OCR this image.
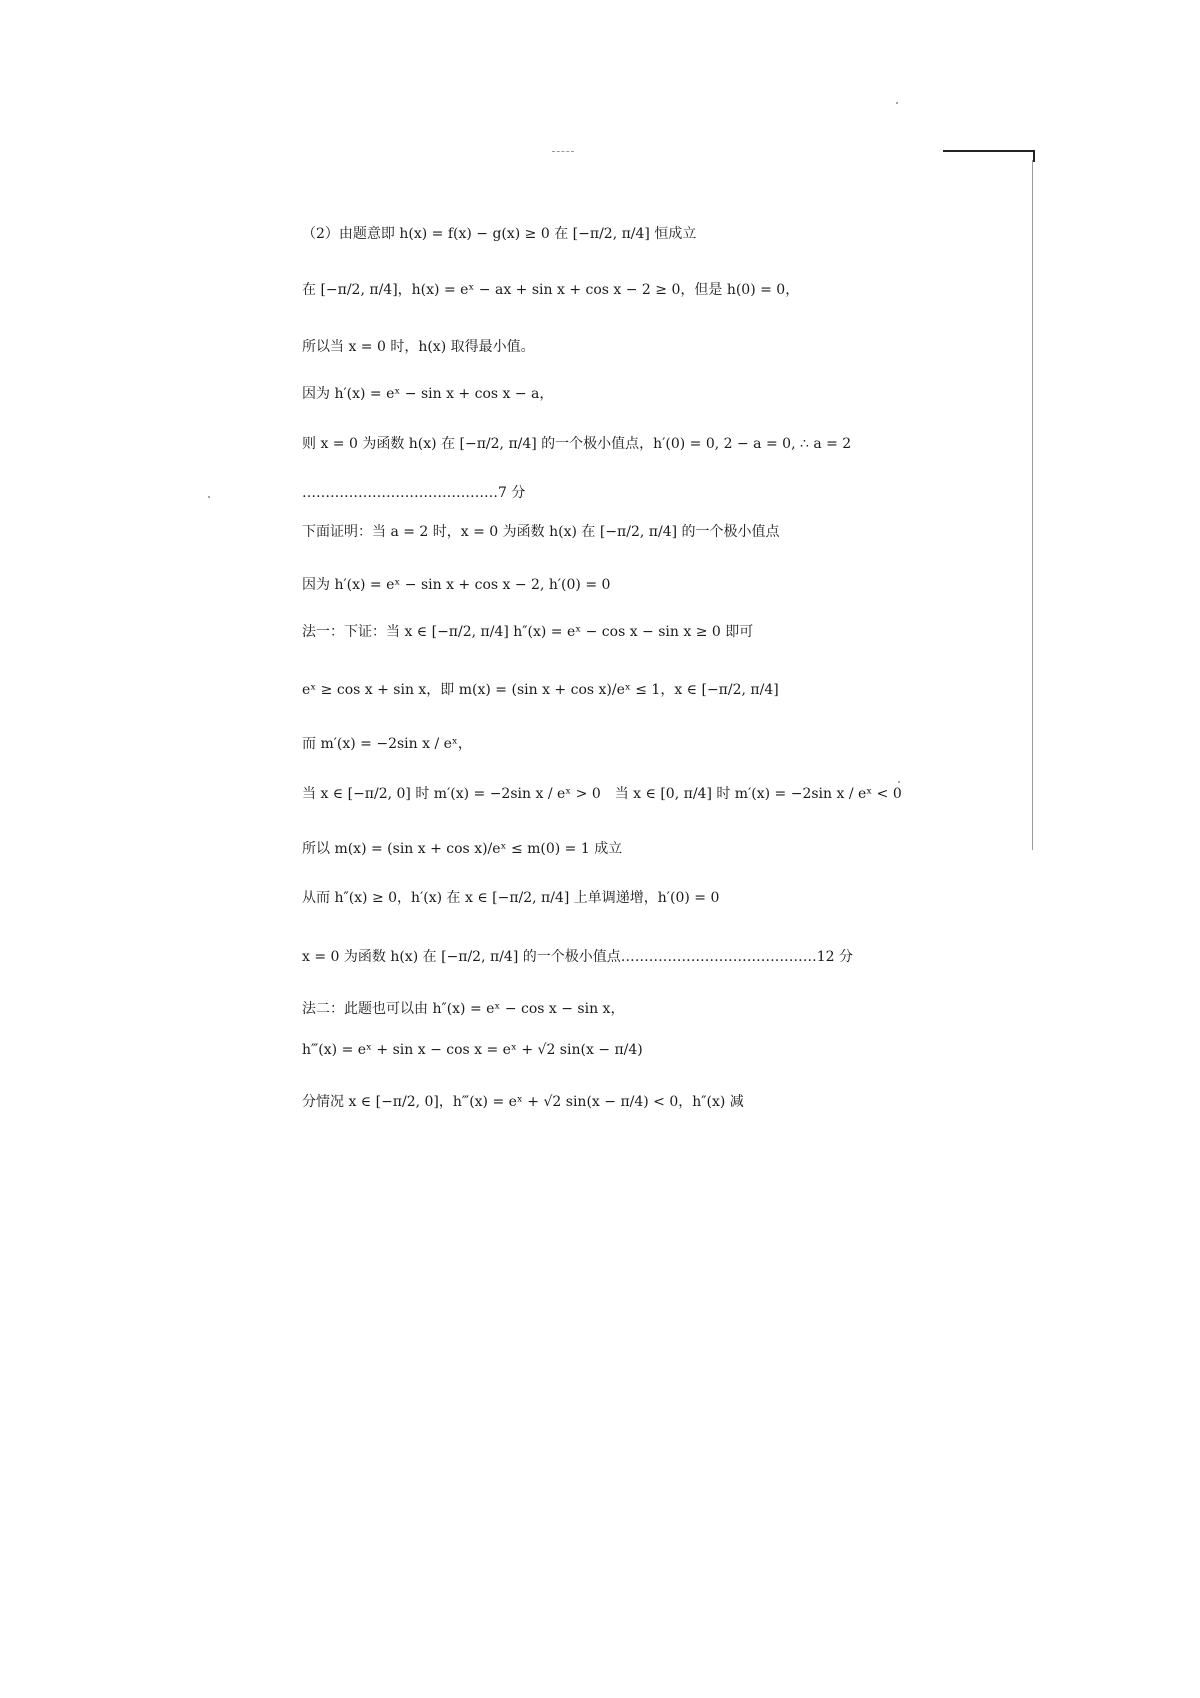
（2）由题意即 h(x) = f(x) − g(x) ≥ 0 在 [−π/2, π/4] 恒成立
在 [−π/2, π/4]，h(x) = eˣ − ax + sin x + cos x − 2 ≥ 0，但是 h(0) = 0，
所以当 x = 0 时，h(x) 取得最小值。
因为 h′(x) = eˣ − sin x + cos x − a，
则 x = 0 为函数 h(x) 在 [−π/2, π/4] 的一个极小值点，h′(0) = 0, 2 − a = 0, ∴ a = 2
……………………………………7 分
下面证明：当 a = 2 时，x = 0 为函数 h(x) 在 [−π/2, π/4] 的一个极小值点
因为 h′(x) = eˣ − sin x + cos x − 2, h′(0) = 0
法一：下证：当 x ∈ [−π/2, π/4] h″(x) = eˣ − cos x − sin x ≥ 0 即可
eˣ ≥ cos x + sin x，即 m(x) = (sin x + cos x)/eˣ ≤ 1，x ∈ [−π/2, π/4]
而 m′(x) = −2sin x / eˣ，
当 x ∈ [−π/2, 0] 时 m′(x) = −2sin x / eˣ > 0　当 x ∈ [0, π/4] 时 m′(x) = −2sin x / eˣ < 0
所以 m(x) = (sin x + cos x)/eˣ ≤ m(0) = 1 成立
从而 h″(x) ≥ 0，h′(x) 在 x ∈ [−π/2, π/4] 上单调递增，h′(0) = 0
x = 0 为函数 h(x) 在 [−π/2, π/4] 的一个极小值点……………………………………12 分
法二：此题也可以由 h″(x) = eˣ − cos x − sin x，
h‴(x) = eˣ + sin x − cos x = eˣ + √2 sin(x − π/4)
分情况 x ∈ [−π/2, 0]，h‴(x) = eˣ + √2 sin(x − π/4) < 0，h″(x) 减
